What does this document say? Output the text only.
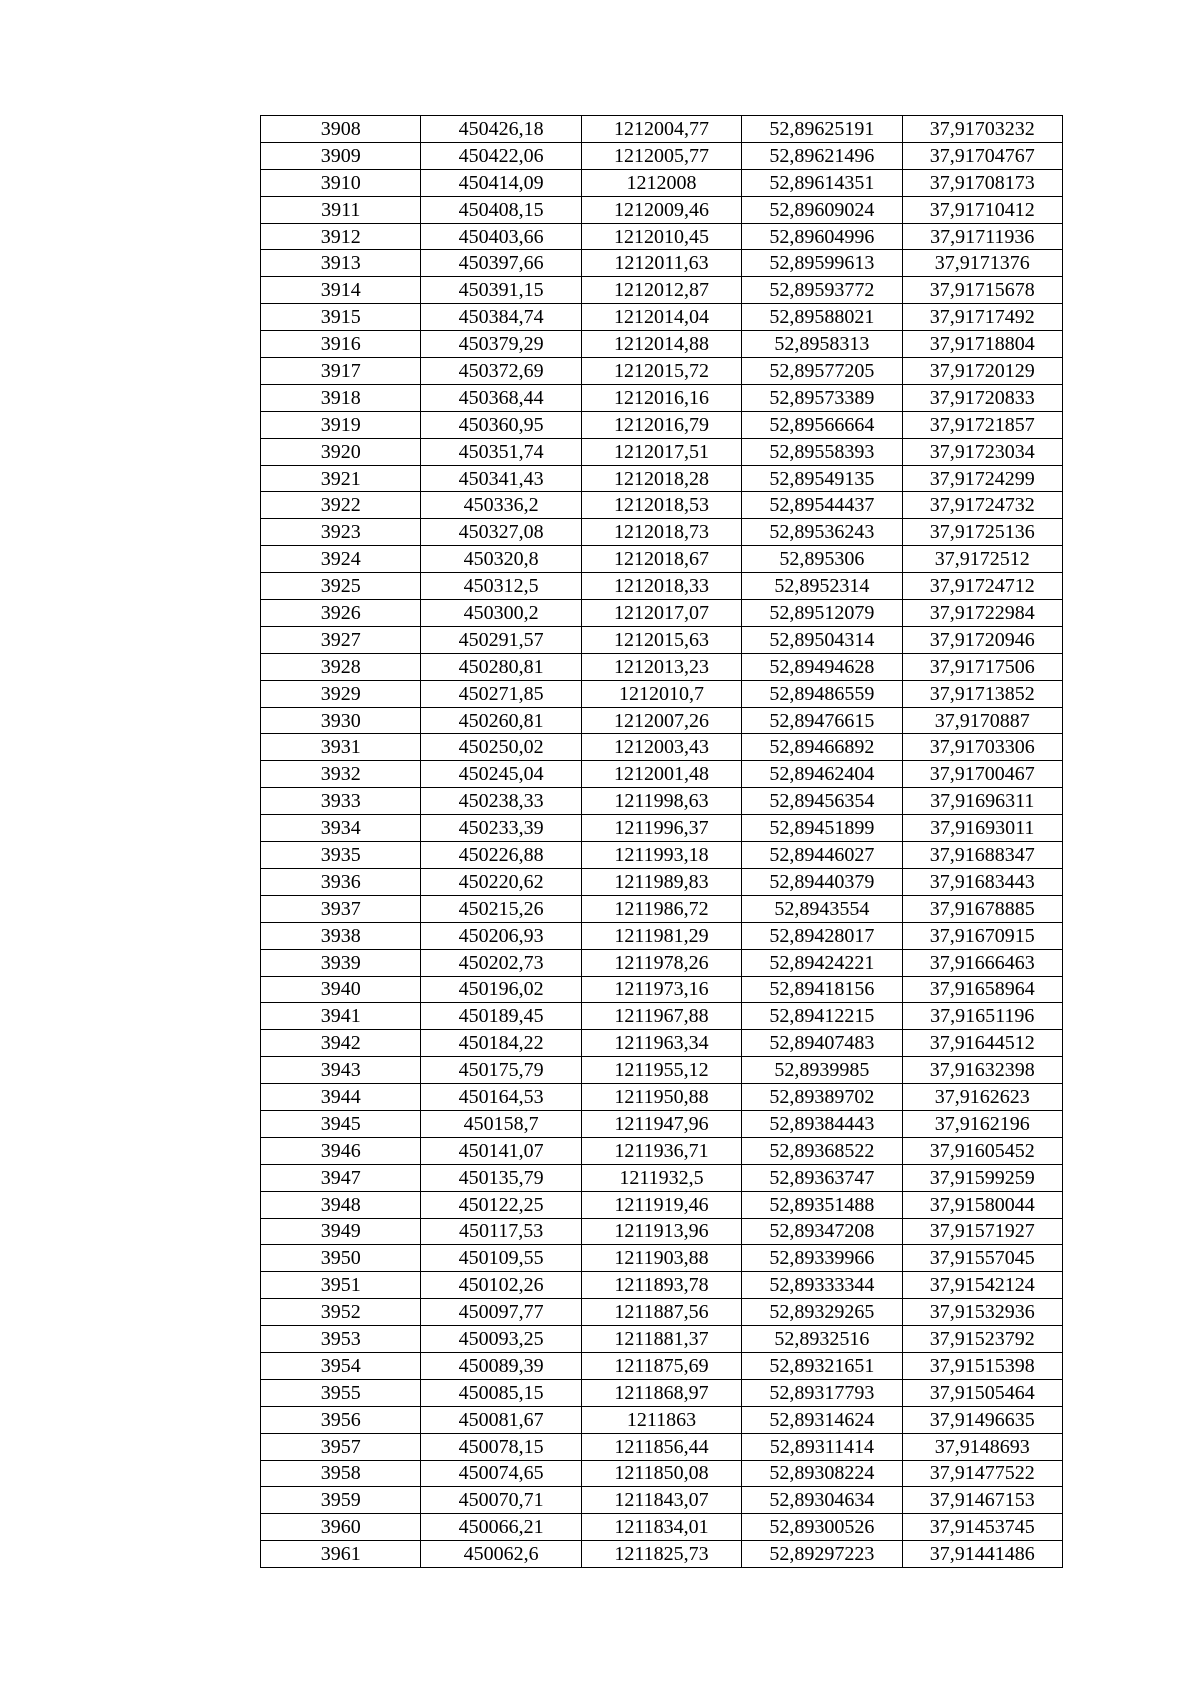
3908	450426,18	1212004,77	52,89625191	37,91703232
3909	450422,06	1212005,77	52,89621496	37,91704767
3910	450414,09	1212008	52,89614351	37,91708173
3911	450408,15	1212009,46	52,89609024	37,91710412
3912	450403,66	1212010,45	52,89604996	37,91711936
3913	450397,66	1212011,63	52,89599613	37,9171376
3914	450391,15	1212012,87	52,89593772	37,91715678
3915	450384,74	1212014,04	52,89588021	37,91717492
3916	450379,29	1212014,88	52,8958313	37,91718804
3917	450372,69	1212015,72	52,89577205	37,91720129
3918	450368,44	1212016,16	52,89573389	37,91720833
3919	450360,95	1212016,79	52,89566664	37,91721857
3920	450351,74	1212017,51	52,89558393	37,91723034
3921	450341,43	1212018,28	52,89549135	37,91724299
3922	450336,2	1212018,53	52,89544437	37,91724732
3923	450327,08	1212018,73	52,89536243	37,91725136
3924	450320,8	1212018,67	52,895306	37,9172512
3925	450312,5	1212018,33	52,8952314	37,91724712
3926	450300,2	1212017,07	52,89512079	37,91722984
3927	450291,57	1212015,63	52,89504314	37,91720946
3928	450280,81	1212013,23	52,89494628	37,91717506
3929	450271,85	1212010,7	52,89486559	37,91713852
3930	450260,81	1212007,26	52,89476615	37,9170887
3931	450250,02	1212003,43	52,89466892	37,91703306
3932	450245,04	1212001,48	52,89462404	37,91700467
3933	450238,33	1211998,63	52,89456354	37,91696311
3934	450233,39	1211996,37	52,89451899	37,91693011
3935	450226,88	1211993,18	52,89446027	37,91688347
3936	450220,62	1211989,83	52,89440379	37,91683443
3937	450215,26	1211986,72	52,8943554	37,91678885
3938	450206,93	1211981,29	52,89428017	37,91670915
3939	450202,73	1211978,26	52,89424221	37,91666463
3940	450196,02	1211973,16	52,89418156	37,91658964
3941	450189,45	1211967,88	52,89412215	37,91651196
3942	450184,22	1211963,34	52,89407483	37,91644512
3943	450175,79	1211955,12	52,8939985	37,91632398
3944	450164,53	1211950,88	52,89389702	37,9162623
3945	450158,7	1211947,96	52,89384443	37,9162196
3946	450141,07	1211936,71	52,89368522	37,91605452
3947	450135,79	1211932,5	52,89363747	37,91599259
3948	450122,25	1211919,46	52,89351488	37,91580044
3949	450117,53	1211913,96	52,89347208	37,91571927
3950	450109,55	1211903,88	52,89339966	37,91557045
3951	450102,26	1211893,78	52,89333344	37,91542124
3952	450097,77	1211887,56	52,89329265	37,91532936
3953	450093,25	1211881,37	52,8932516	37,91523792
3954	450089,39	1211875,69	52,89321651	37,91515398
3955	450085,15	1211868,97	52,89317793	37,91505464
3956	450081,67	1211863	52,89314624	37,91496635
3957	450078,15	1211856,44	52,89311414	37,9148693
3958	450074,65	1211850,08	52,89308224	37,91477522
3959	450070,71	1211843,07	52,89304634	37,91467153
3960	450066,21	1211834,01	52,89300526	37,91453745
3961	450062,6	1211825,73	52,89297223	37,91441486
